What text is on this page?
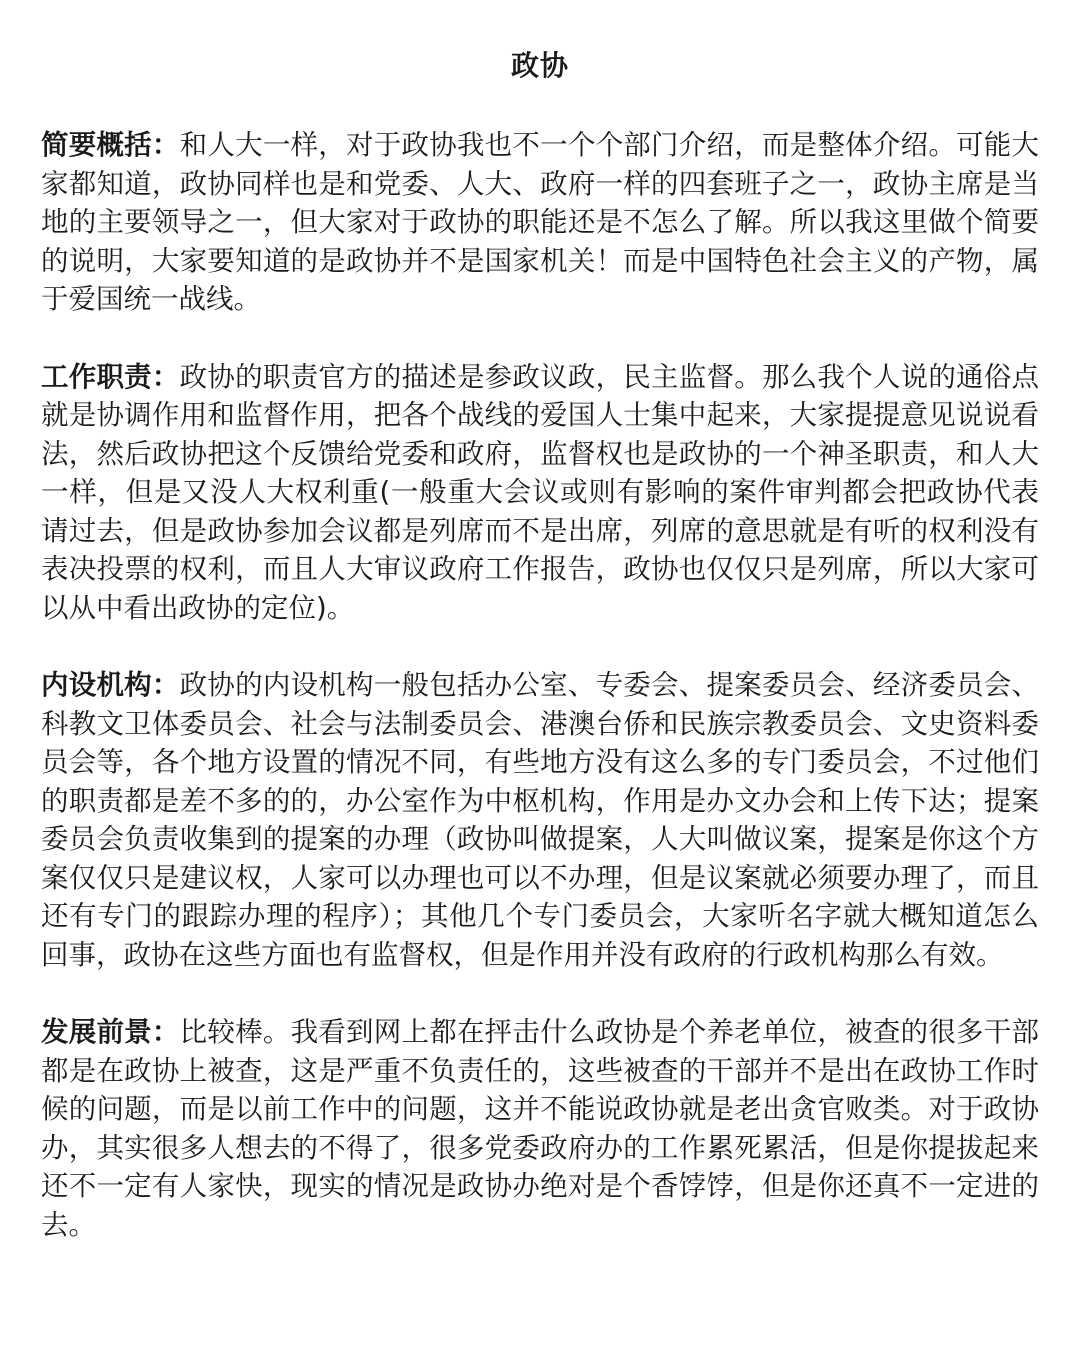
政协

简要概括：和人大一样，对于政协我也不一个个部门介绍，而是整体介绍。可能大家都知道，政协同样也是和党委、人大、政府一样的四套班子之一，政协主席是当地的主要领导之一，但大家对于政协的职能还是不怎么了解。所以我这里做个简要的说明，大家要知道的是政协并不是国家机关！而是中国特色社会主义的产物，属于爱国统一战线。

工作职责：政协的职责官方的描述是参政议政，民主监督。那么我个人说的通俗点就是协调作用和监督作用，把各个战线的爱国人士集中起来，大家提提意见说说看法，然后政协把这个反馈给党委和政府，监督权也是政协的一个神圣职责，和人大一样，但是又没人大权利重(一般重大会议或则有影响的案件审判都会把政协代表请过去，但是政协参加会议都是列席而不是出席，列席的意思就是有听的权利没有表决投票的权利，而且人大审议政府工作报告，政协也仅仅只是列席，所以大家可以从中看出政协的定位)。

内设机构：政协的内设机构一般包括办公室、专委会、提案委员会、经济委员会、科教文卫体委员会、社会与法制委员会、港澳台侨和民族宗教委员会、文史资料委员会等，各个地方设置的情况不同，有些地方没有这么多的专门委员会，不过他们的职责都是差不多的的，办公室作为中枢机构，作用是办文办会和上传下达；提案委员会负责收集到的提案的办理（政协叫做提案，人大叫做议案，提案是你这个方案仅仅只是建议权，人家可以办理也可以不办理，但是议案就必须要办理了，而且还有专门的跟踪办理的程序）；其他几个专门委员会，大家听名字就大概知道怎么回事，政协在这些方面也有监督权，但是作用并没有政府的行政机构那么有效。

发展前景：比较棒。我看到网上都在抨击什么政协是个养老单位，被查的很多干部都是在政协上被查，这是严重不负责任的，这些被查的干部并不是出在政协工作时候的问题，而是以前工作中的问题，这并不能说政协就是老出贪官败类。对于政协办，其实很多人想去的不得了，很多党委政府办的工作累死累活，但是你提拔起来还不一定有人家快，现实的情况是政协办绝对是个香饽饽，但是你还真不一定进的去。
